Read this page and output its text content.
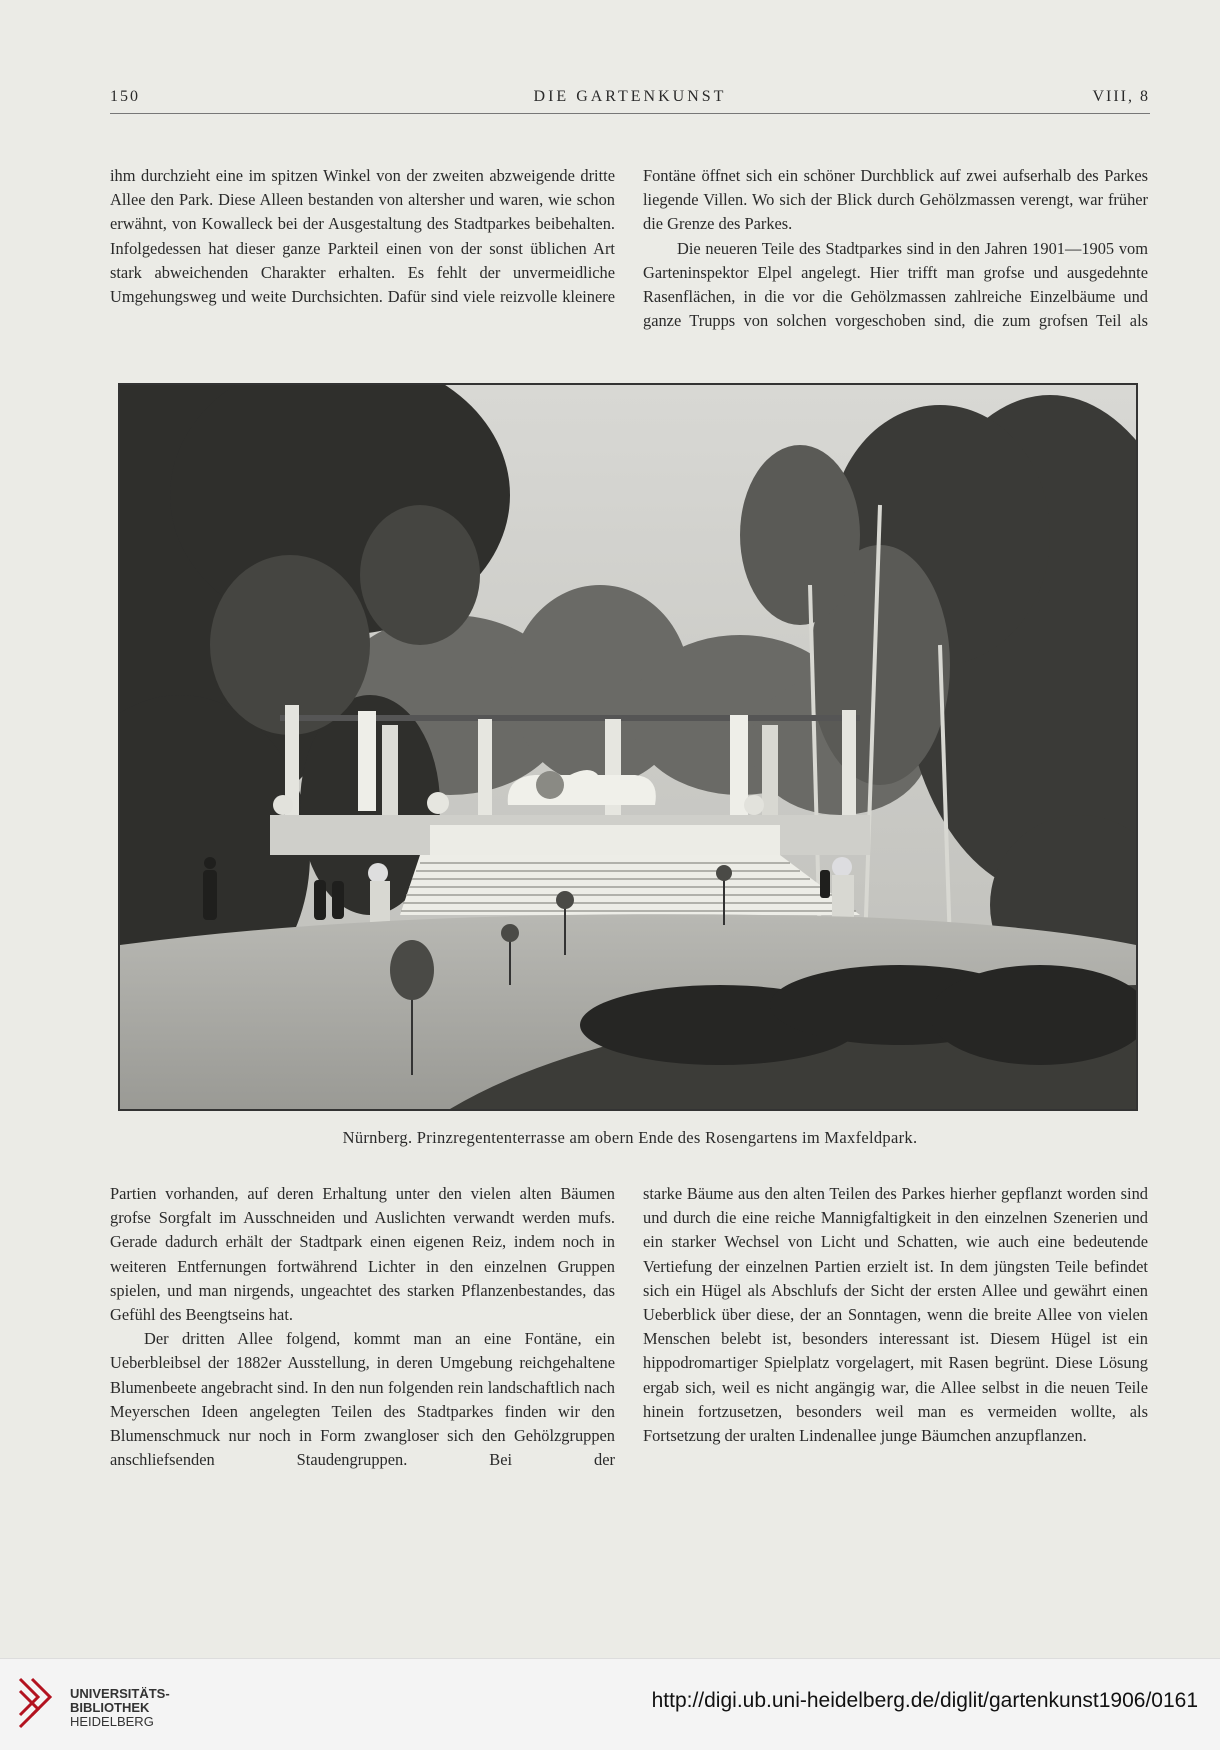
150	DIE GARTENKUNST	VIII, 8

ihm durchzieht eine im spitzen Winkel von der zweiten abzweigende dritte Allee den Park. Diese Alleen bestanden von altersher und waren, wie schon erwähnt, von Kowalleck bei der Ausgestaltung des Stadtparkes beibehalten. Infolgedessen hat dieser ganze Parkteil einen von der sonst üblichen Art stark abweichenden Charakter erhalten. Es fehlt der unvermeidliche Umgehungsweg und weite Durchsichten. Dafür sind viele reizvolle kleinere

Fontäne öffnet sich ein schöner Durchblick auf zwei aufserhalb des Parkes liegende Villen. Wo sich der Blick durch Gehölzmassen verengt, war früher die Grenze des Parkes.

Die neueren Teile des Stadtparkes sind in den Jahren 1901—1905 vom Garteninspektor Elpel angelegt. Hier trifft man grofse und ausgedehnte Rasenflächen, in die vor die Gehölzmassen zahlreiche Einzelbäume und ganze Trupps von solchen vorgeschoben sind, die zum grofsen Teil als

Nürnberg. Prinzregententerrasse am obern Ende des Rosengartens im Maxfeldpark.

Partien vorhanden, auf deren Erhaltung unter den vielen alten Bäumen grofse Sorgfalt im Ausschneiden und Auslichten verwandt werden mufs. Gerade dadurch erhält der Stadtpark einen eigenen Reiz, indem noch in weiteren Entfernungen fortwährend Lichter in den einzelnen Gruppen spielen, und man nirgends, ungeachtet des starken Pflanzenbestandes, das Gefühl des Beengtseins hat.

Der dritten Allee folgend, kommt man an eine Fontäne, ein Ueberbleibsel der 1882er Ausstellung, in deren Umgebung reichgehaltene Blumenbeete angebracht sind. In den nun folgenden rein landschaftlich nach Meyerschen Ideen angelegten Teilen des Stadtparkes finden wir den Blumenschmuck nur noch in Form zwangloser sich den Gehölzgruppen anschliefsenden Staudengruppen. Bei der

starke Bäume aus den alten Teilen des Parkes hierher gepflanzt worden sind und durch die eine reiche Mannigfaltigkeit in den einzelnen Szenerien und ein starker Wechsel von Licht und Schatten, wie auch eine bedeutende Vertiefung der einzelnen Partien erzielt ist. In dem jüngsten Teile befindet sich ein Hügel als Abschlufs der Sicht der ersten Allee und gewährt einen Ueberblick über diese, der an Sonntagen, wenn die breite Allee von vielen Menschen belebt ist, besonders interessant ist. Diesem Hügel ist ein hippodromartiger Spielplatz vorgelagert, mit Rasen begrünt. Diese Lösung ergab sich, weil es nicht angängig war, die Allee selbst in die neuen Teile hinein fortzusetzen, besonders weil man es vermeiden wollte, als Fortsetzung der uralten Lindenallee junge Bäumchen anzupflanzen.

UNIVERSITÄTS-
BIBLIOTHEK
HEIDELBERG
http://digi.ub.uni-heidelberg.de/diglit/gartenkunst1906/0161
